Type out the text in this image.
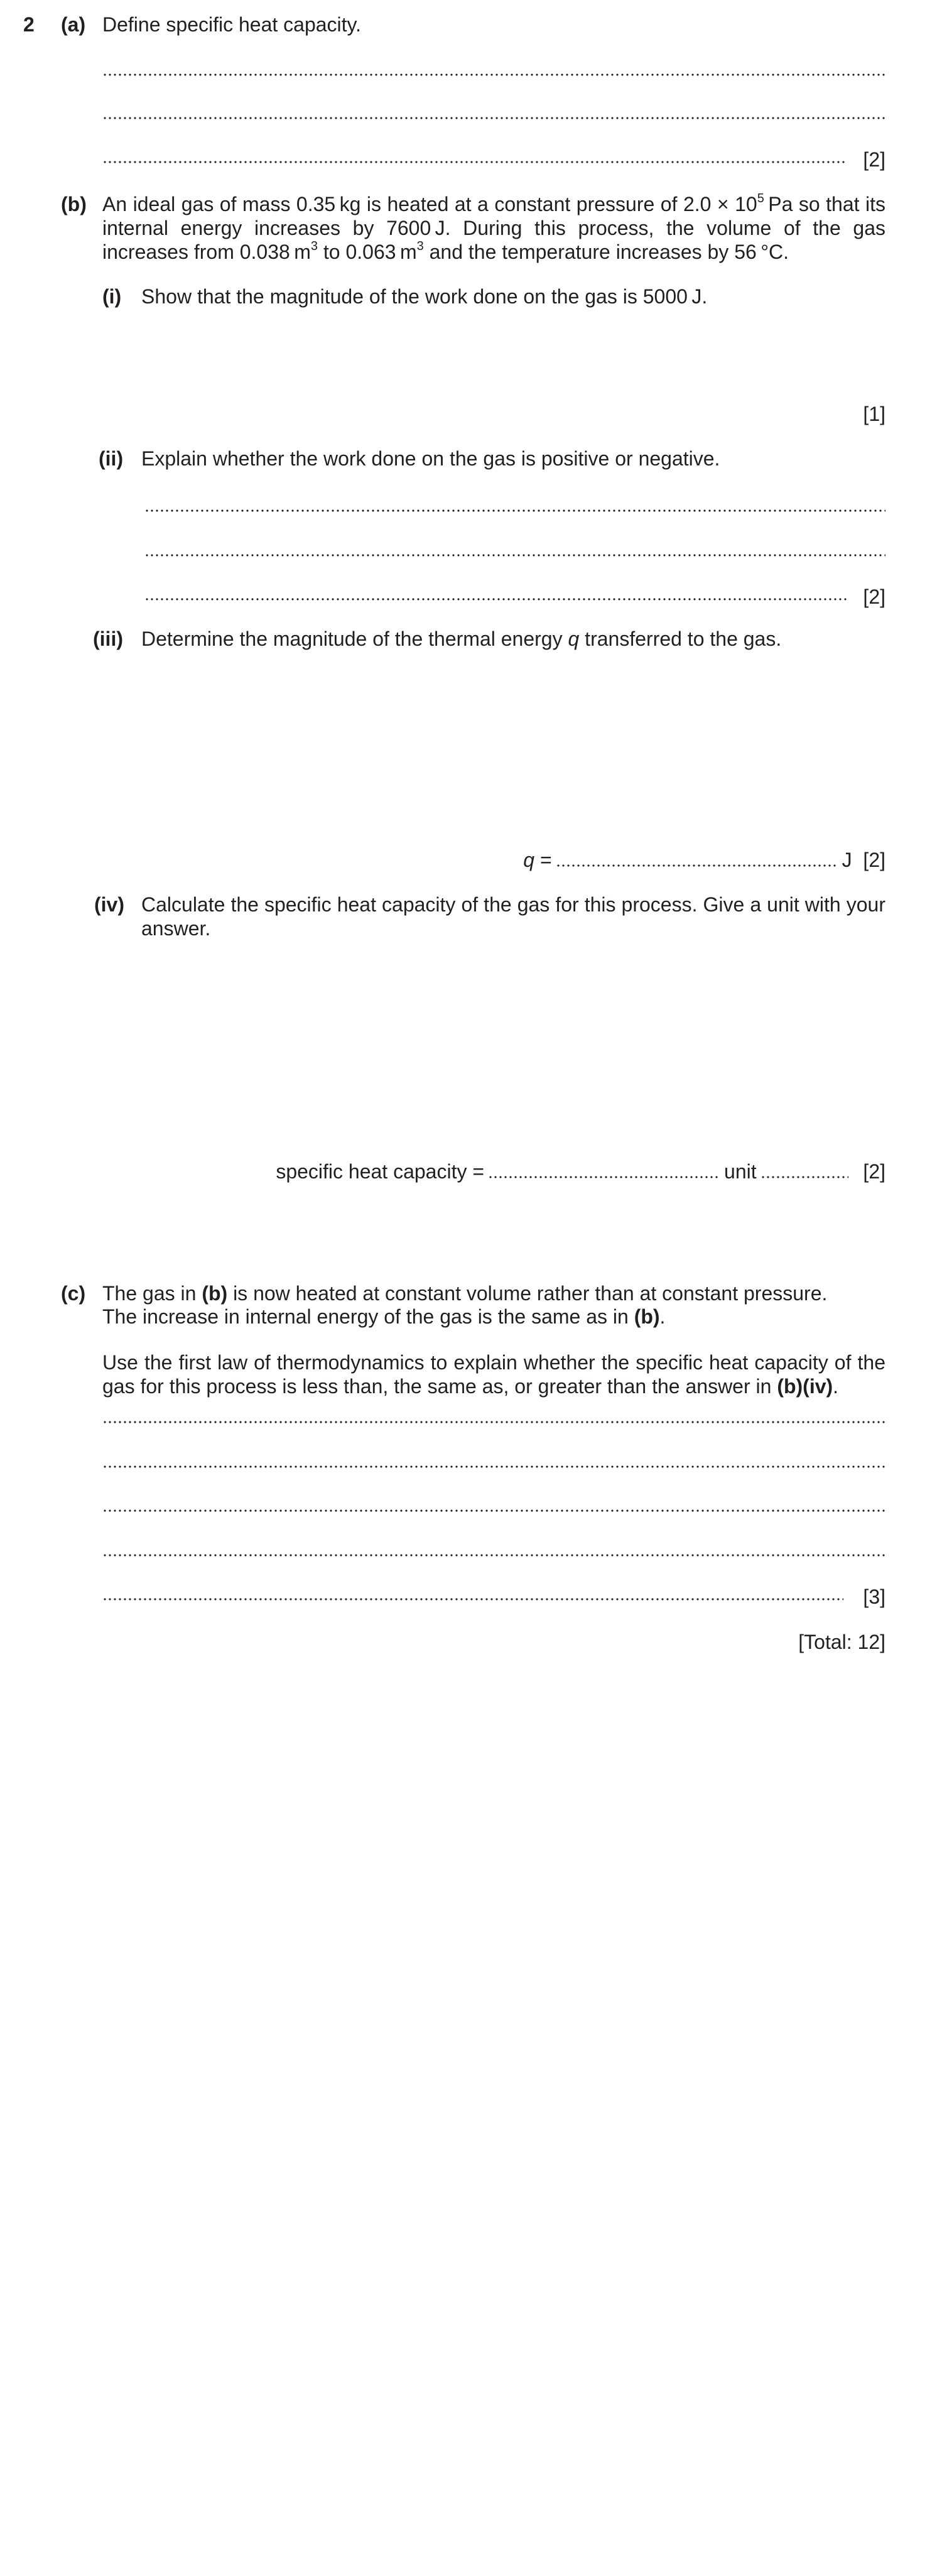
2 (a) Define specific heat capacity.
[2]
(b) An ideal gas of mass 0.35 kg is heated at a constant pressure of $2.0 \times 10^5$ Pa so that its internal energy increases by 7600 J. During this process, the volume of the gas increases from 0.038 $m^3$ to 0.063 $m^3$ and the temperature increases by 56 °C.
(i) Show that the magnitude of the work done on the gas is 5000 J.
[1]
(ii) Explain whether the work done on the gas is positive or negative.
[2]
(iii) Determine the magnitude of the thermal energy q transferred to the gas.
q =	J [2]
(iv) Calculate the specific heat capacity of the gas for this process. Give a unit with your answer.
specific heat capacity =	unit	[2]
(c) The gas in (b) is now heated at constant volume rather than at constant pressure.
The increase in internal energy of the gas is the same as in (b).
Use the first law of thermodynamics to explain whether the specific heat capacity of the gas for this process is less than, the same as, or greater than the answer in (b)(iv).
[3]
[Total: 12]
